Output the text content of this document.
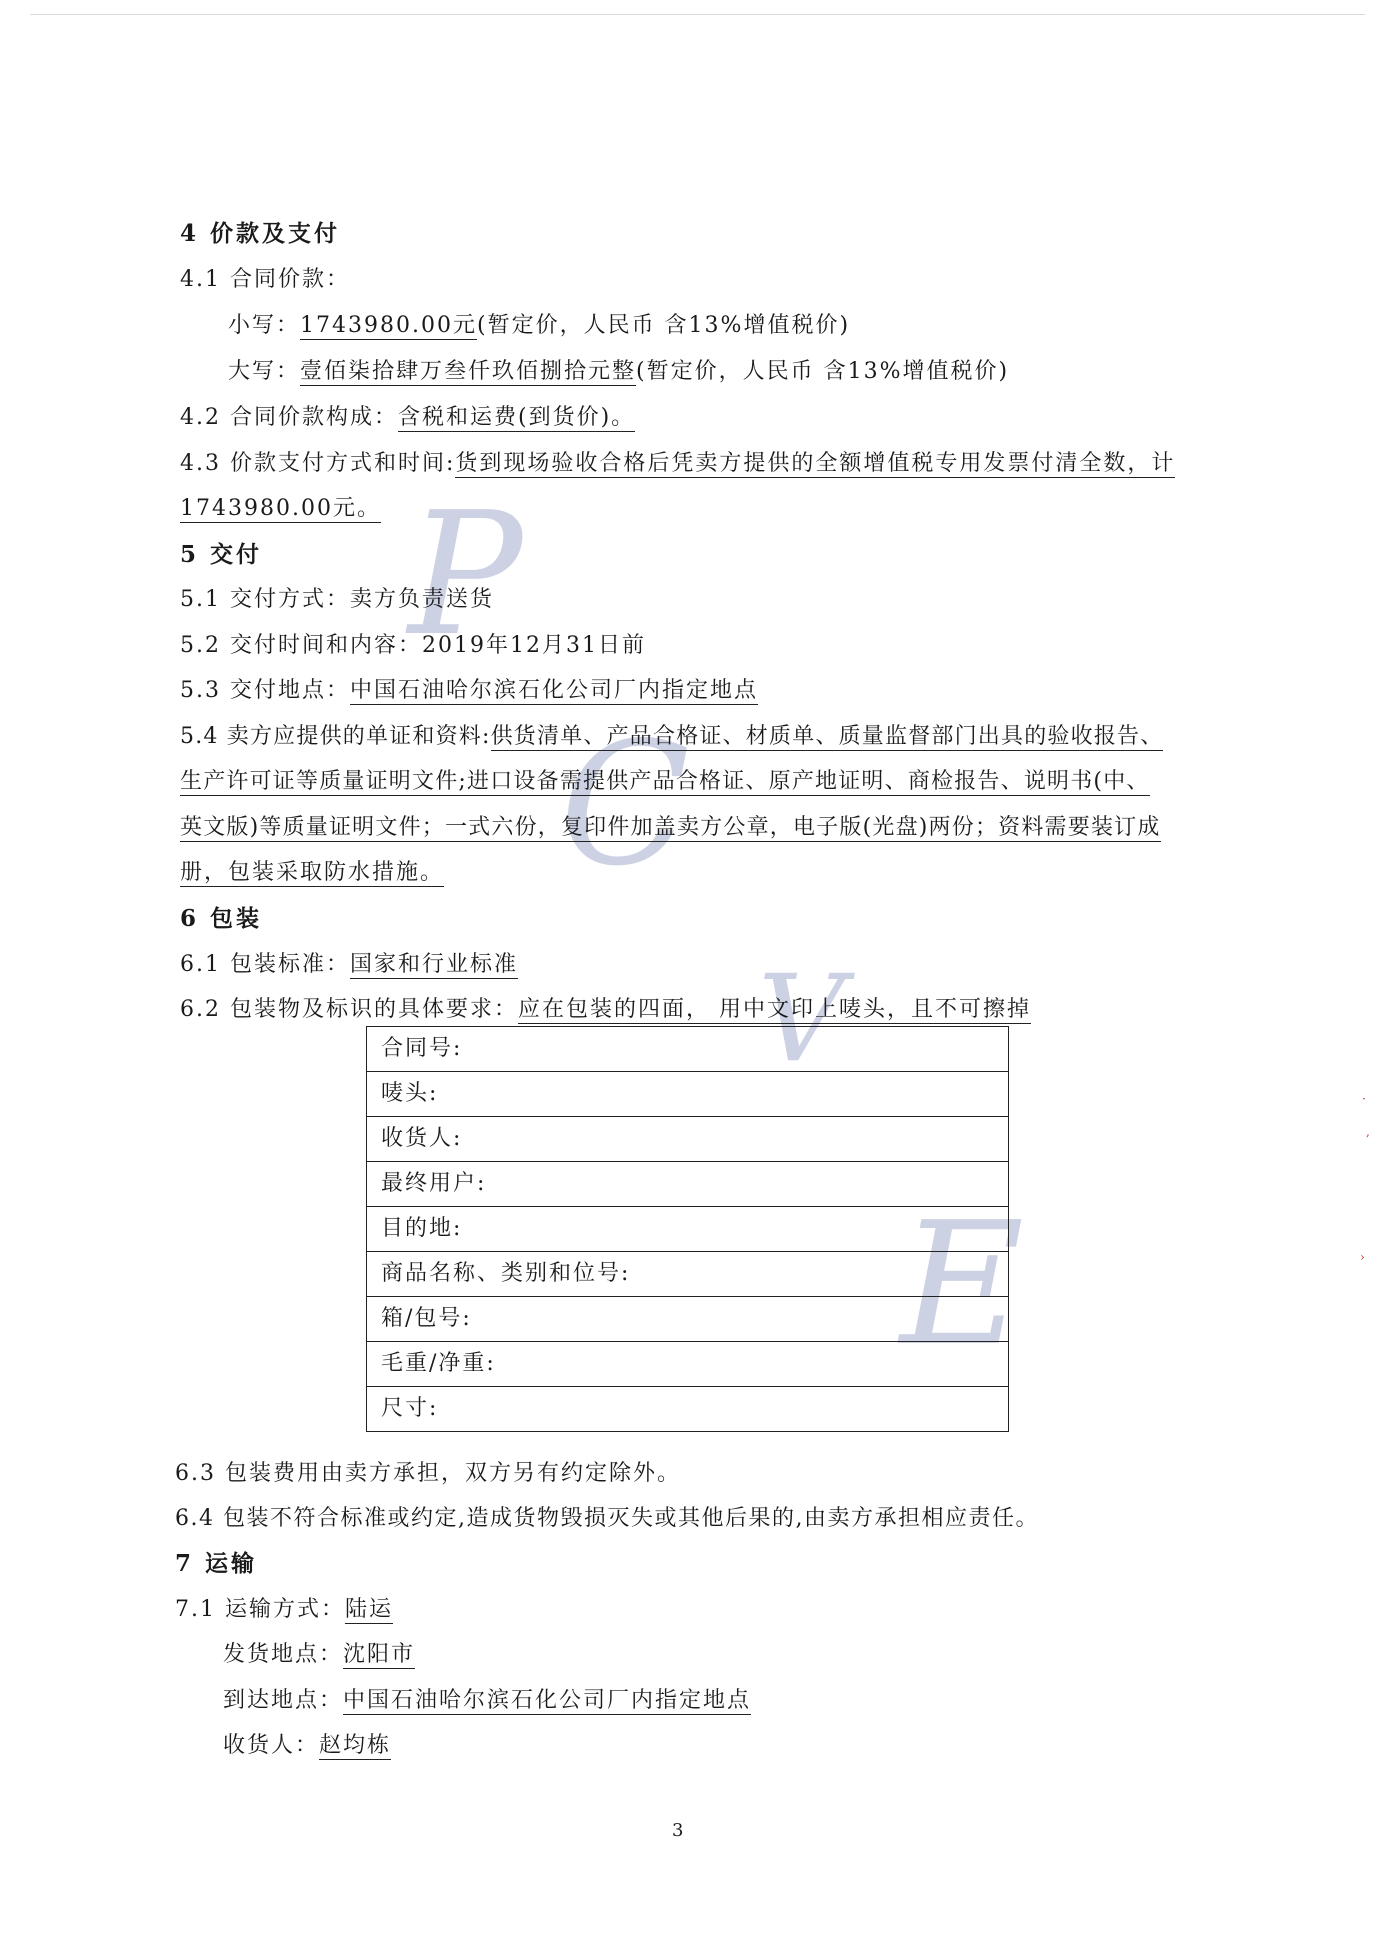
P
C
V
E
4 价款及支付
4.1 合同价款：
小写：1743980.00元(暂定价，人民币 含13%增值税价)
大写：壹佰柒拾肆万叁仟玖佰捌拾元整(暂定价，人民币 含13%增值税价)
4.2 合同价款构成：含税和运费(到货价)。
4.3 价款支付方式和时间:货到现场验收合格后凭卖方提供的全额增值税专用发票付清全数，计
1743980.00元。
5 交付
5.1 交付方式：卖方负责送货
5.2 交付时间和内容：2019年12月31日前
5.3 交付地点：中国石油哈尔滨石化公司厂内指定地点
5.4 卖方应提供的单证和资料:供货清单、产品合格证、材质单、质量监督部门出具的验收报告、
生产许可证等质量证明文件;进口设备需提供产品合格证、原产地证明、商检报告、说明书(中、
英文版)等质量证明文件；一式六份，复印件加盖卖方公章，电子版(光盘)两份；资料需要装订成
册，包装采取防水措施。
6 包装
6.1 包装标准：国家和行业标准
6.2 包装物及标识的具体要求：应在包装的四面， 用中文印上唛头，且不可擦掉
合同号:
唛头:
收货人:
最终用户:
目的地:
商品名称、类别和位号:
箱/包号:
毛重/净重:
尺寸:
6.3 包装费用由卖方承担，双方另有约定除外。
6.4 包装不符合标准或约定,造成货物毁损灭失或其他后果的,由卖方承担相应责任。
7 运输
7.1 运输方式：陆运
发货地点：沈阳市
到达地点：中国石油哈尔滨石化公司厂内指定地点
收货人：赵均栋
3
·
,
›
